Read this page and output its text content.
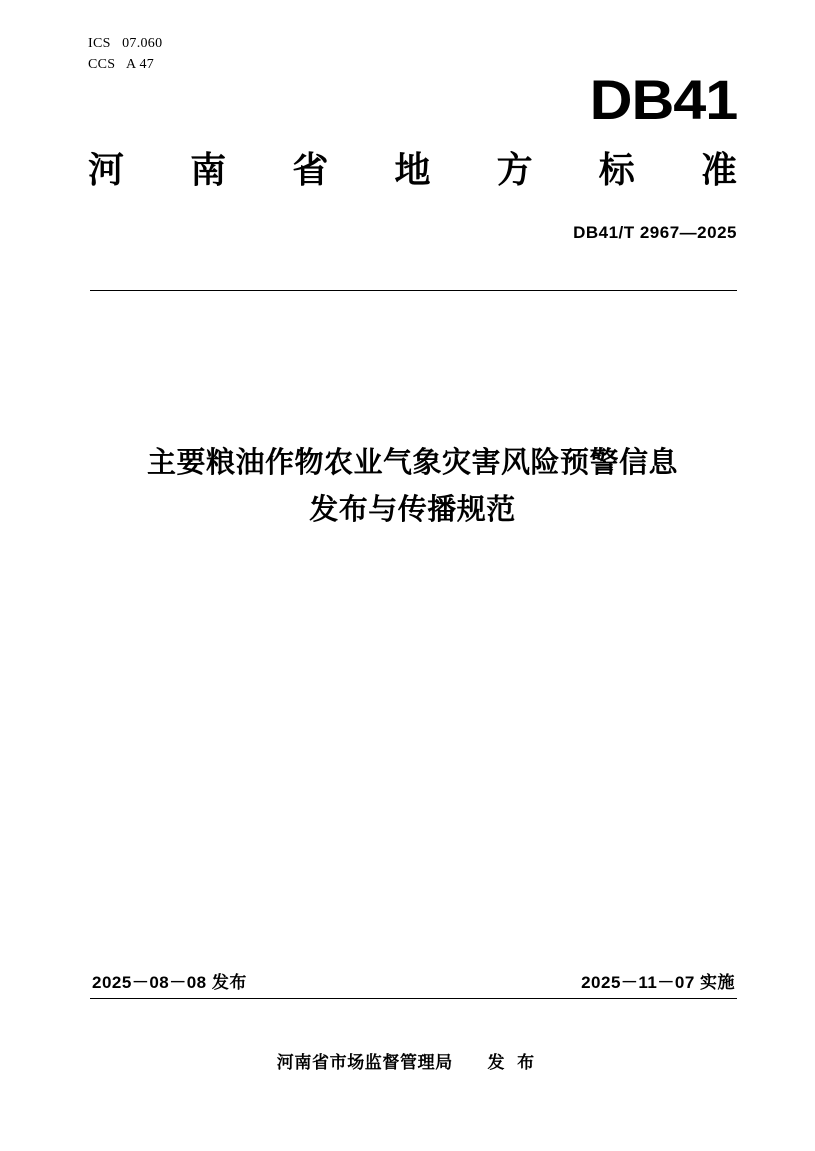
ICS 07.060
CCS A 47
DB41
河 南 省 地 方 标 准
DB41/T 2967—2025
主要粮油作物农业气象灾害风险预警信息
发布与传播规范
2025－08－08 发布	2025－11－07 实施
河南省市场监督管理局 发 布
